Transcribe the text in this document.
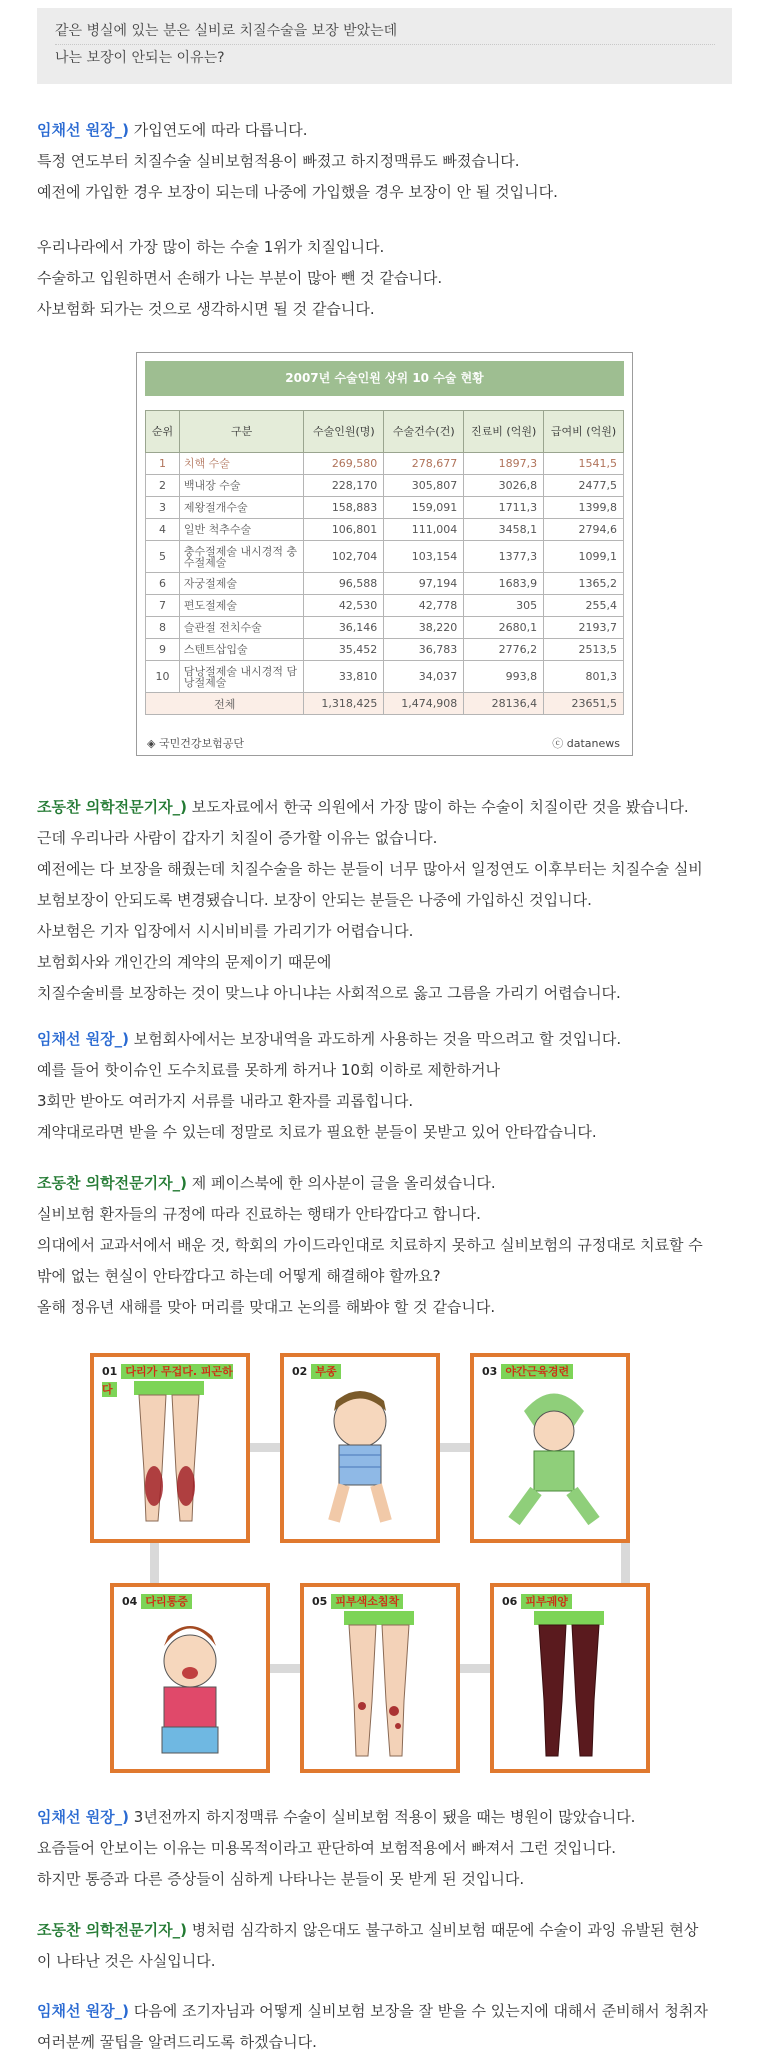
같은 병실에 있는 분은 실비로 치질수술을 보장 받았는데
나는 보장이 안되는 이유는?
임채선 원장_) 가입연도에 따라 다릅니다.
특정 연도부터 치질수술 실비보험적용이 빠졌고 하지정맥류도 빠졌습니다.
예전에 가입한 경우 보장이 되는데 나중에 가입했을 경우 보장이 안 될 것입니다.
우리나라에서 가장 많이 하는 수술 1위가 치질입니다.
수술하고 입원하면서 손해가 나는 부분이 많아 뺀 것 같습니다.
사보험화 되가는 것으로 생각하시면 될 것 같습니다.
2007년 수술인원 상위 10 수술 현황
순위	구분	수술인원(명)	수술건수(건)	진료비 (억원)	급여비 (억원)
1	치핵 수술	269,580	278,677	1897,3	1541,5
2	백내장 수술	228,170	305,807	3026,8	2477,5
3	제왕절개수술	158,883	159,091	1711,3	1399,8
4	일반 척추수술	106,801	111,004	3458,1	2794,6
5	충수절제술 내시경적 충수절제술	102,704	103,154	1377,3	1099,1
6	자궁절제술	96,588	97,194	1683,9	1365,2
7	편도절제술	42,530	42,778	305	255,4
8	슬관절 전치수술	36,146	38,220	2680,1	2193,7
9	스텐트삽입술	35,452	36,783	2776,2	2513,5
10	담낭절제술 내시경적 담낭절제술	33,810	34,037	993,8	801,3
전체		1,318,425	1,474,908	28136,4	23651,5
◈ 국민건강보험공단	ⓒ datanews
조동찬 의학전문기자_) 보도자료에서 한국 의원에서 가장 많이 하는 수술이 치질이란 것을 봤습니다.
근데 우리나라 사람이 갑자기 치질이 증가할 이유는 없습니다.
예전에는 다 보장을 해줬는데 치질수술을 하는 분들이 너무 많아서 일정연도 이후부터는 치질수술 실비
보험보장이 안되도록 변경됐습니다. 보장이 안되는 분들은 나중에 가입하신 것입니다.
사보험은 기자 입장에서 시시비비를 가리기가 어렵습니다.
보험회사와 개인간의 계약의 문제이기 때문에
치질수술비를 보장하는 것이 맞느냐 아니냐는 사회적으로 옳고 그름을 가리기 어렵습니다.
임채선 원장_) 보험회사에서는 보장내역을 과도하게 사용하는 것을 막으려고 할 것입니다.
예를 들어 핫이슈인 도수치료를 못하게 하거나 10회 이하로 제한하거나
3회만 받아도 여러가지 서류를 내라고 환자를 괴롭힙니다.
계약대로라면 받을 수 있는데 정말로 치료가 필요한 분들이 못받고 있어 안타깝습니다.
조동찬 의학전문기자_) 제 페이스북에 한 의사분이 글을 올리셨습니다.
실비보험 환자들의 규정에 따라 진료하는 행태가 안타깝다고 합니다.
의대에서 교과서에서 배운 것, 학회의 가이드라인대로 치료하지 못하고 실비보험의 규정대로 치료할 수
밖에 없는 현실이 안타깝다고 하는데 어떻게 해결해야 할까요?
올해 정유년 새해를 맞아 머리를 맞대고 논의를 해봐야 할 것 같습니다.
01 다리가 무겁다. 피곤하다
02 부종	03 야간근육경련
04 다리통증	05 피부색소침착	06 피부궤양
임채선 원장_) 3년전까지 하지정맥류 수술이 실비보험 적용이 됐을 때는 병원이 많았습니다.
요즘들어 안보이는 이유는 미용목적이라고 판단하여 보험적용에서 빠져서 그런 것입니다.
하지만 통증과 다른 증상들이 심하게 나타나는 분들이 못 받게 된 것입니다.
조동찬 의학전문기자_) 병처럼 심각하지 않은대도 불구하고 실비보험 때문에 수술이 과잉 유발된 현상
이 나타난 것은 사실입니다.
임채선 원장_) 다음에 조기자님과 어떻게 실비보험 보장을 잘 받을 수 있는지에 대해서 준비해서 청취자
여러분께 꿀팁을 알려드리도록 하겠습니다.
